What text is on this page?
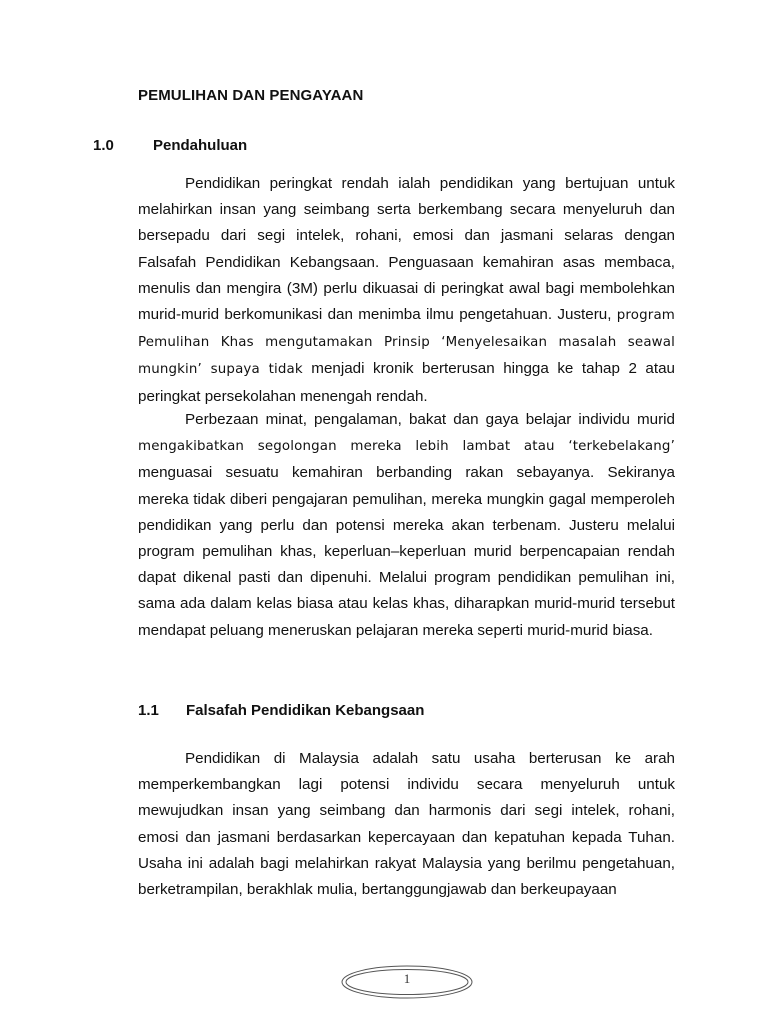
PEMULIHAN DAN PENGAYAAN
1.0	Pendahuluan

Pendidikan peringkat rendah ialah pendidikan yang bertujuan untuk melahirkan insan yang seimbang serta berkembang secara menyeluruh dan bersepadu dari segi intelek, rohani, emosi dan jasmani selaras dengan Falsafah Pendidikan Kebangsaan. Penguasaan kemahiran asas membaca, menulis dan mengira (3M) perlu dikuasai di peringkat awal bagi membolehkan murid-murid berkomunikasi dan menimba ilmu pengetahuan. Justeru, program Pemulihan Khas mengutamakan Prinsip ‘Menyelesaikan masalah seawal mungkin’ supaya tidak menjadi kronik berterusan hingga ke tahap 2 atau peringkat persekolahan menengah rendah.

Perbezaan minat, pengalaman, bakat dan gaya belajar individu murid mengakibatkan segolongan mereka lebih lambat atau ‘terkebelakang’ menguasai sesuatu kemahiran berbanding rakan sebayanya. Sekiranya mereka tidak diberi pengajaran pemulihan, mereka mungkin gagal memperoleh pendidikan yang perlu dan potensi mereka akan terbenam. Justeru melalui program pemulihan khas, keperluan–keperluan murid berpencapaian rendah dapat dikenal pasti dan dipenuhi. Melalui program pendidikan pemulihan ini, sama ada dalam kelas biasa atau kelas khas, diharapkan murid-murid tersebut mendapat peluang meneruskan pelajaran mereka seperti murid-murid biasa.

1.1 Falsafah Pendidikan Kebangsaan

Pendidikan di Malaysia adalah satu usaha berterusan ke arah memperkembangkan lagi potensi individu secara menyeluruh untuk mewujudkan insan yang seimbang dan harmonis dari segi intelek, rohani, emosi dan jasmani berdasarkan kepercayaan dan kepatuhan kepada Tuhan. Usaha ini adalah bagi melahirkan rakyat Malaysia yang berilmu pengetahuan, berketrampilan, berakhlak mulia, bertanggungjawab dan berkeupayaan

1
